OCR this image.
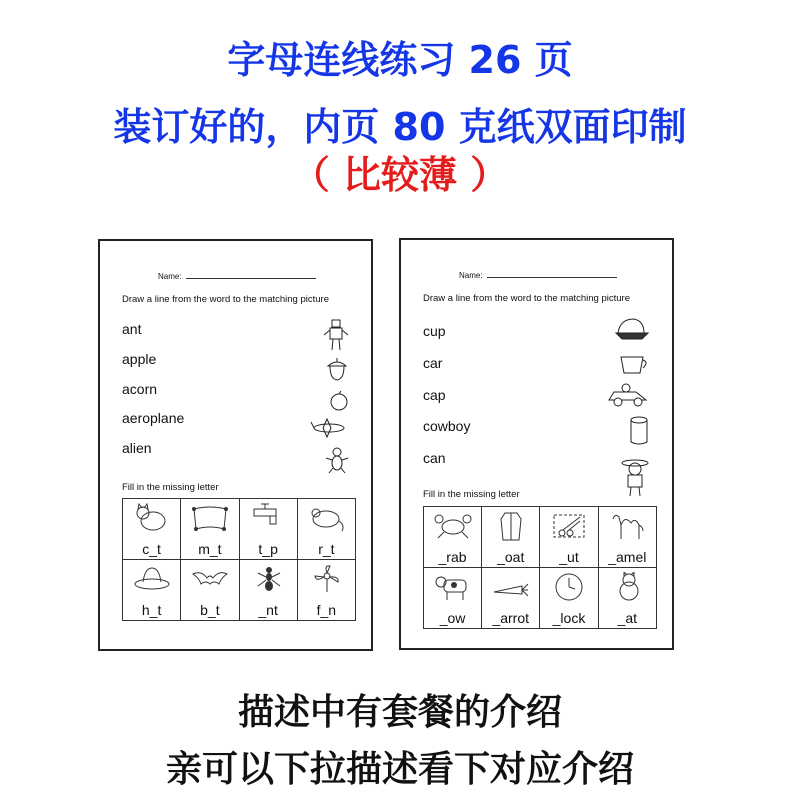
字母连线练习 26 页
装订好的，内页 80 克纸双面印制
（ 比较薄 ）
Name:
Draw a line from the word to the matching picture
ant
apple
acorn
aeroplane
alien
Fill in the missing letter
c_t	m_t	t_p	r_t

h_t	b_t	_nt	f_n
Name:
Draw a line from the word to the matching picture
cup
car
cap
cowboy
can
Fill in the missing letter
_rab	_oat	_ut	_amel

_ow	_arrot	_lock	_at
描述中有套餐的介绍
亲可以下拉描述看下对应介绍
